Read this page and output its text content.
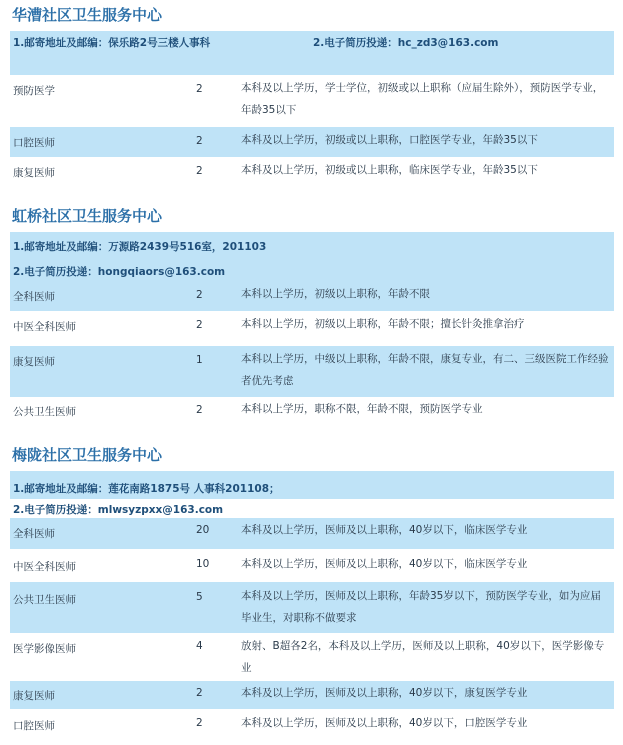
华漕社区卫生服务中心
1.邮寄地址及邮编：保乐路2号三楼人事科	2.电子简历投递：hc_zd3@163.com
预防医学	2	本科及以上学历，学士学位，初级或以上职称（应届生除外），预防医学专业，年龄35以下
口腔医师	2	本科及以上学历，初级或以上职称，口腔医学专业，年龄35以下
康复医师	2	本科及以上学历，初级或以上职称，临床医学专业，年龄35以下
虹桥社区卫生服务中心
1.邮寄地址及邮编：万源路2439号516室，201103
2.电子简历投递：hongqiaors@163.com
全科医师	2	本科以上学历，初级以上职称，年龄不限
中医全科医师	2	本科以上学历，初级以上职称，年龄不限；擅长针灸推拿治疗
康复医师	1	本科以上学历，中级以上职称，年龄不限，康复专业，有二、三级医院工作经验者优先考虑
公共卫生医师	2	本科以上学历，职称不限，年龄不限，预防医学专业
梅陇社区卫生服务中心
1.邮寄地址及邮编：莲花南路1875号 人事科201108；
2.电子简历投递：mlwsyzpxx@163.com
全科医师	20	本科及以上学历，医师及以上职称，40岁以下，临床医学专业
中医全科医师	10	本科及以上学历，医师及以上职称，40岁以下，临床医学专业
公共卫生医师	5	本科及以上学历，医师及以上职称，年龄35岁以下，预防医学专业，如为应届毕业生，对职称不做要求
医学影像医师	4	放射、B超各2名，本科及以上学历，医师及以上职称，40岁以下，医学影像专业
康复医师	2	本科及以上学历，医师及以上职称，40岁以下，康复医学专业
口腔医师	2	本科及以上学历，医师及以上职称，40岁以下，口腔医学专业
